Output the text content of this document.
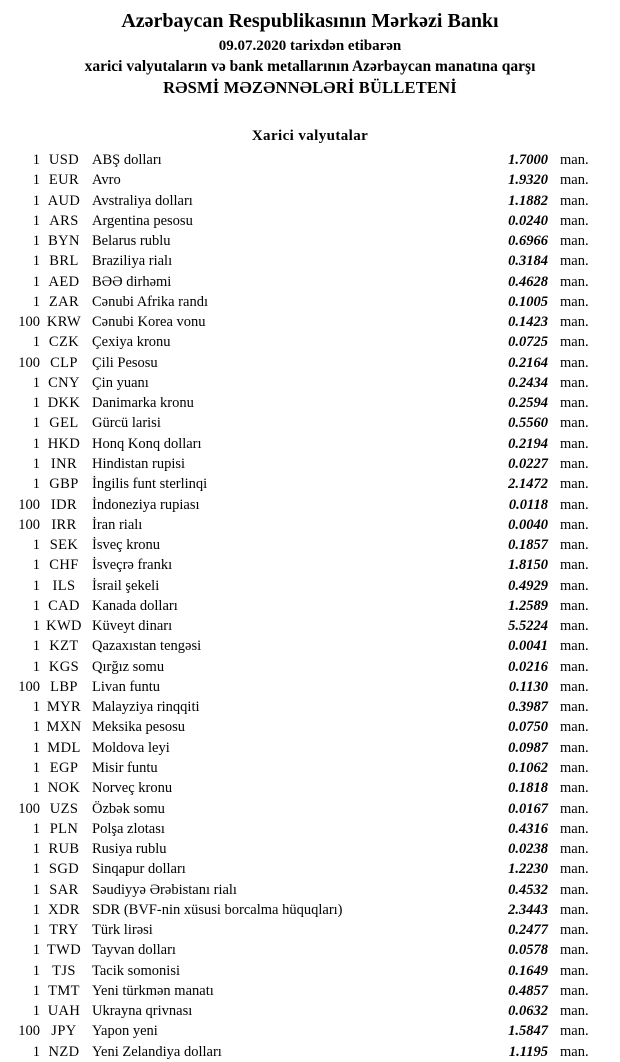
Azərbaycan Respublikasının Mərkəzi Bankı
09.07.2020 tarixdən etibarən
xarici valyutaların və bank metallarının Azərbaycan manatına qarşı
RƏSMİ MƏZƏNNƏLƏRİ BÜLLETENİ
Xarici valyutalar
1 USD ABŞ dolları	1.7000 man.
1 EUR Avro	1.9320 man.
1 AUD Avstraliya dolları	1.1882 man.
1 ARS Argentina pesosu	0.0240 man.
1 BYN Belarus rublu	0.6966 man.
1 BRL Braziliya rialı	0.3184 man.
1 AED BƏƏ dirhəmi	0.4628 man.
1 ZAR Cənubi Afrika randı	0.1005 man.
100 KRW Cənubi Korea vonu	0.1423 man.
1 CZK Çexiya kronu	0.0725 man.
100 CLP Çili Pesosu	0.2164 man.
1 CNY Çin yuanı	0.2434 man.
1 DKK Danimarka kronu	0.2594 man.
1 GEL Gürcü larisi	0.5560 man.
1 HKD Honq Konq dolları	0.2194 man.
1 INR	Hindistan rupisi	0.0227 man.
1 GBP İngilis funt sterlinqi	2.1472 man.
100 IDR	İndoneziya rupiası	0.0118 man.
100 IRR	İran rialı	0.0040 man.
1 SEK İsveç kronu	0.1857 man.
1 CHF İsveçrə frankı	1.8150 man.
1 ILS	İsrail şekeli	0.4929 man.
1 CAD Kanada dolları	1.2589 man.
1 KWD Küveyt dinarı	5.5224 man.
1 KZT Qazaxıstan tengəsi	0.0041 man.
1 KGS Qırğız somu	0.0216 man.
100 LBP Livan funtu	0.1130 man.
1 MYR Malayziya rinqqiti	0.3987 man.
1 MXN Meksika pesosu	0.0750 man.
1 MDL Moldova leyi	0.0987 man.
1 EGP Misir funtu	0.1062 man.
1 NOK Norveç kronu	0.1818 man.
100 UZS Özbək somu	0.0167 man.
1 PLN Polşa zlotası	0.4316 man.
1 RUB Rusiya rublu	0.0238 man.
1 SGD Sinqapur dolları	1.2230 man.
1 SAR Səudiyyə Ərəbistanı rialı	0.4532 man.
1 XDR SDR (BVF-nin xüsusi borcalma hüquqları)	2.3443 man.
1 TRY Türk lirəsi	0.2477 man.
1 TWD Tayvan dolları	0.0578 man.
1 TJS	Tacik somonisi	0.1649 man.
1 TMT Yeni türkmən manatı	0.4857 man.
1 UAH Ukrayna qrivnası	0.0632 man.
100 JPY	Yapon yeni	1.5847 man.
1 NZD Yeni Zelandiya dolları	1.1195 man.
